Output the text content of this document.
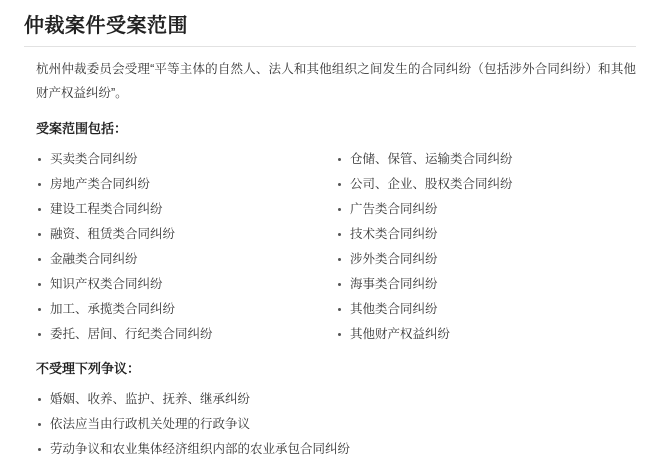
仲裁案件受案范围

杭州仲裁委员会受理“平等主体的自然人、法人和其他组织之间发生的合同纠纷（包括涉外合同纠纷）和其他财产权益纠纷”。

受案范围包括：
买卖类合同纠纷
房地产类合同纠纷
建设工程类合同纠纷
融资、租赁类合同纠纷
金融类合同纠纷
知识产权类合同纠纷
加工、承揽类合同纠纷
委托、居间、行纪类合同纠纷
仓储、保管、运输类合同纠纷
公司、企业、股权类合同纠纷
广告类合同纠纷
技术类合同纠纷
涉外类合同纠纷
海事类合同纠纷
其他类合同纠纷
其他财产权益纠纷
不受理下列争议：
婚姻、收养、监护、抚养、继承纠纷
依法应当由行政机关处理的行政争议
劳动争议和农业集体经济组织内部的农业承包合同纠纷
